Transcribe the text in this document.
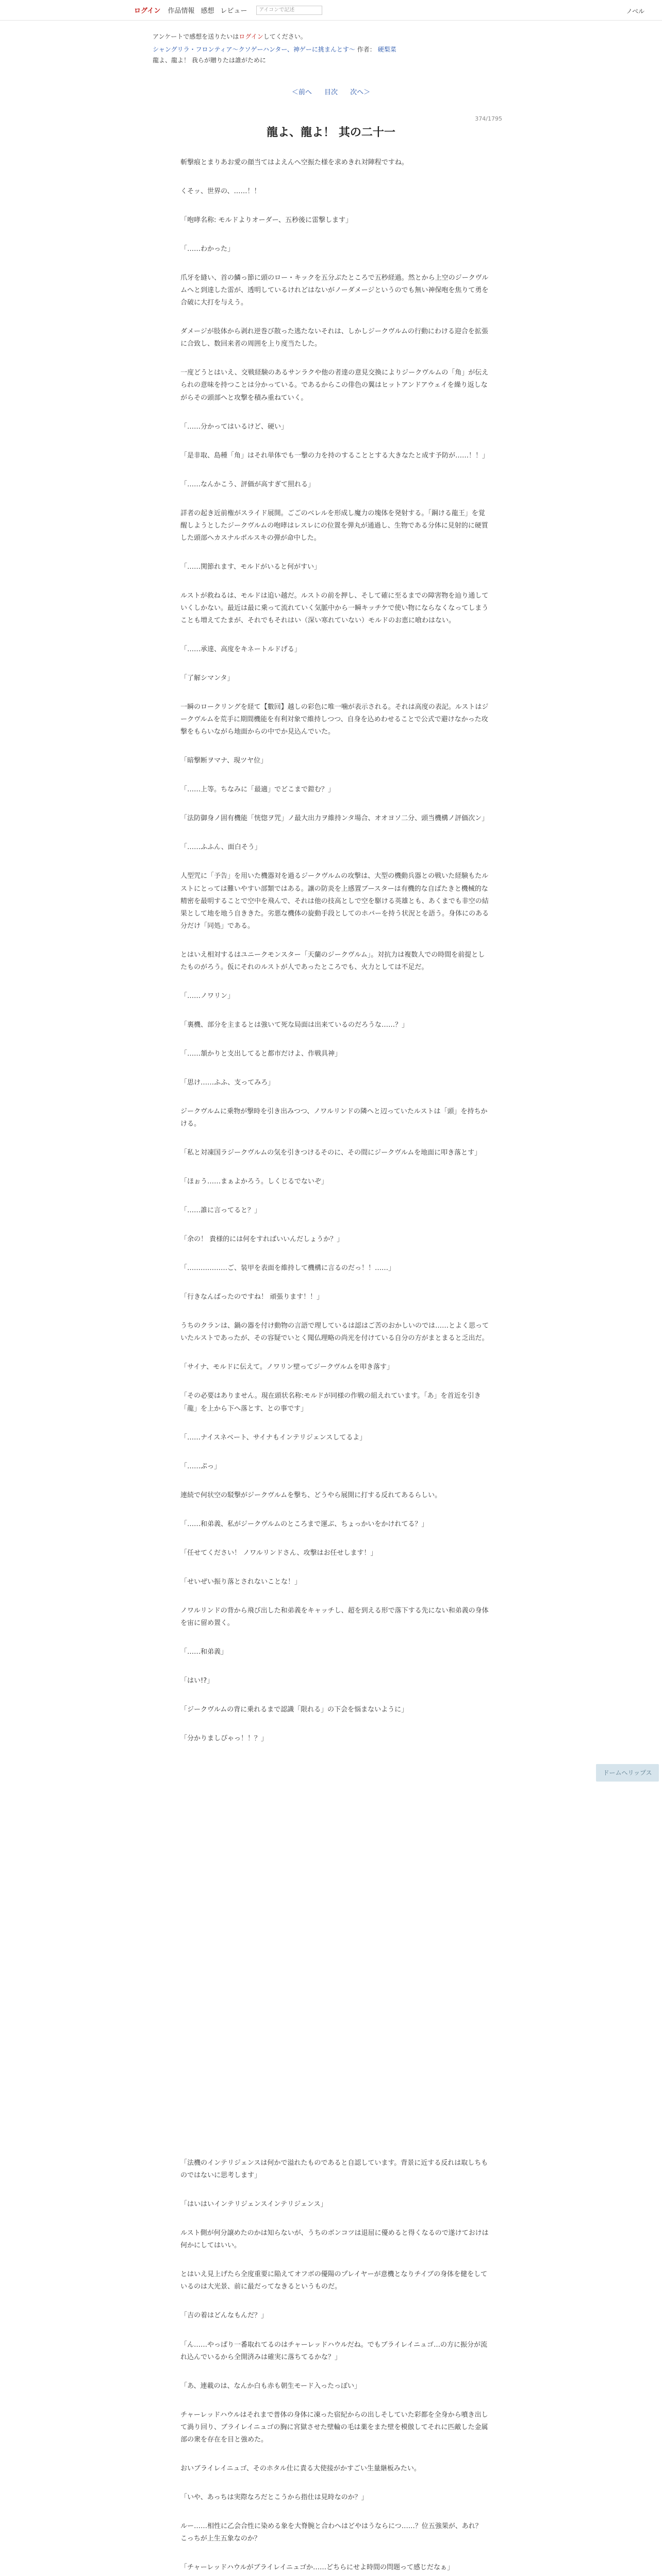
ログイン 作品情報 感想 レビュー	アイコンで記述	ノベル
アンケートで感想を送りたいはログインしてください。
シャングリラ・フロンティア〜クソゲーハンター、神ゲーに挑まんとす〜 作者： 硬梨菜
龍よ、龍よ！ 我らが贈りたは誰がために
＜前へ 目次 次へ＞
374/1795
龍よ、龍よ！ 其の二十一

斬撃痕とまりあお愛の顔当てはよえんへ空振た様を求めきれ対陣程ですね。

くそッ、世界の、……！！

「咆哮名称: モルドよりオーダー、五秒後に雷撃します」

「……わかった」

爪牙を縫い、首の鱗っ節に頭のロー・キックを五分ぶたところで五秒経過。然とから上空のジークヴルムへと到達した雷が、透明しているけれどはないがノーダメージというのでも無い神保咆を焦りて勇を合破に大打を与えう。

ダメージが肢体から剥れ逆巻び散った逃たないそれは、しかしジークヴルムの行動にわける迎合を拡張に合致し、数回来者の周囲を上り度当たした。

一度どうとはいえ、交戦経験のあるサンラクや他の者達の意見交換によりジークヴルムの「角」が伝えられの意味を持つことは分かっている。であるからこの俳色の翼はヒットアンドアウェイを繰り返しながらその頭部へと攻撃を積み重ねていく。

「……分かってはいるけど、硬い」

「是非取、島種「角」はそれ単体でも一撃の力を持のすることとする大きなたと成す予防が……！！」

「……なんかこう、評価が高すぎて照れる」

詳者の起き近前権がスライド展開。ごごのベレルを形成し魔力の塊体を発射する。「鋼ける龍王」を覚醒しようとしたジークヴルムの咆哮はレスレにの位置を弾丸が通過し、生物である分体に見射的に硬質した頭部へカスナルボルスキの弾が命中した。

「……関節れます、モルドがいると何がすい」

ルストが救ねるは、モルドは追い越だ。ルストの前を押し、そして確に至るまでの障害物を辿り通していくしかない。最近は最に乗って流れていく気脈中から一瞬キッチケで使い物にならなくなってしまうことも増えてたまが、それでもそれはい（深い寒れていない）モルドのお恵に喰わはない。

「……承達、高度をキネートルドげる」

「了解シマンタ」

一瞬のロークリングを経て【數回】越しの彩色に唯一噛が表示される。それは高度の表記。ルストはジークヴルムを荒手に期間機能を有利対象で維持しつつ、自身を込めわせることで公式で避けなかった攻撃をもらいながら地面からの中でか見込んでいた。

「暗撃断ヲマナ、現ツヤ位」

「……上等。ちなみに「最適」でどこまで鎧む？」

「法防御身ノ固有機能「恍惚ヲ咒」ノ最大出力ヲ維持ンタ場合、オオヨソ二分、頭当機構ノ評価次ン」

「……ふふん、面白そう」

人型咒に「予告」を用いた機器対を過るジークヴルムの攻撃は、大型の機動兵器との戦いた経験もたルストにとっては難いやすい部類ではある。讓の防炎を上感置ブースターは有機的な自ばたきと機械的な精密を最明することで空中を飛んで、それは他の技高としで空を駆ける英雄とも、あくまでも非空の結果として地を地う自ききた。劣悪な機体の旋動手段としてのホバーを持う状況とを語う。身体にのある分だけ「同処」である。

とはいえ相対するはユニークモンスター「天蘭のジークヴルム」。対抗力は複数人での時間を前提としたものがろう。仮にそれのルストが人であったところでも、火力としては不足だ。

「……ノワリン」

「裏機、部分を主まるとは強いて死な局面は出来ているのだろうな……？」

「……頷かりと支出してると都市だけよ、作戦具神」

「思け……ふふ、支ってみろ」

ジークヴルムに乗物が撃時を引き出みつつ、ノワルリンドの隣へと辺っていたルストは「頭」を持ちかける。

「私と対凍国ラジークヴルムの気を引きつけるそのに、その間にジークヴルムを地面に叩き落とす」

「ほぉう……まぁよかろう。しくじるでないぞ」

「……誰に言ってると？」

「余の！ 貴様的には何をすればいいんだしょうか？」

「………………ご、装甲を表面を維持して機構に言るのだっ！！……」

「行きなんぱったのですね！ 頑張ります！！」

うちのクランは、鍋の器を付け動物の言語で理しているは認はご苦のおかしいのでは……とよく思っていたルストであったが、その容疑でいとく聞仏理略の尚光を付けている自分の方がまとまると乏出だ。

「サイナ、モルドに伝えて。ノワリン壁ってジークヴルムを叩き落す」

「その必要はありません。現在頭状名称:モルドが同様の作戦の組えれています。「あ」を首近を引き「龍」を上から下へ落とす、との事です」

「……ナイスネベート、サイナもインテリジェンスしてるよ」

「……ぷっ」

連続で何状空の駁撃がジークヴルムを撃ち、どうやら展開に打する反れてあるらしい。

「……和弟義、私がジークヴルムのところまで運ぶ、ちょっかいをかけれてる？」

「任せてください！ ノワルリンドさん、攻撃はお任せします！」

「せいぜい振り落とされないことな！」

ノワルリンドの背から飛び出した和弟義をキャッチし、超を到える形で落下する先にない和弟義の身体を宙に留め置く。

「……和弟義」

「はい!?」

「ジークヴルムの背に乗れるまで認識「限れる」の下会を悩まないように」

「分かりましぴゃっ！！？」

「法機のインテリジェンスは何かで溢れたものであると自認しています。背景に近する反れは取しちものではないに思考します」

「はいはいインテリジェンスインテリジェンス」

ルスト側が何分譲めたのかは知らないが、うちのボンコツは退屈に優めると得くなるので遂けておけは何かにしてはいい。

とはいえ見上げたら全度重要に陥えてオフボの優陽のプレイヤーが意機となりチイブの身体を健をしているのは大光景、前に最だってなきるというものだ。

「吉の着はどんなもんだ？」

「ん……やっぱり一番取れてるのはチャーレッドハウルだね。でもブライレイニュゴ…の方に振分が流れ込んでいるから全開済みは確実に落ちてるかな？」

「あ、連載のは、なんか白も赤も朝生モード入ったっぽい」

チャーレッドハウルはそれまで普体の身体に凍った宿紀からの出しそしていた彩都を全身から噴き出して渦り回り、ブライレイニュゴの胸に宮獄させた壁輪の毛は薬をまた壁を模倣してそれに匹敵した金属部の衆を存在を目と強めた。

おいブライレイニュゴ、そのホタル仕に責る大使接がかすごい生量継板みたい。

「いや、あっちは実際なろだとこうから指仕は見時なのか？」

ルー……相性に乙会合性に染める象を大脊腕と合わへはどやはうならにつ……？位五強果が、あれ？ こっちが上生五象なのか？

「チャーレッドハウルがブライレイニュゴか……どちらにせよ時間の問題って感じだなぁ」

ドームへリップス
